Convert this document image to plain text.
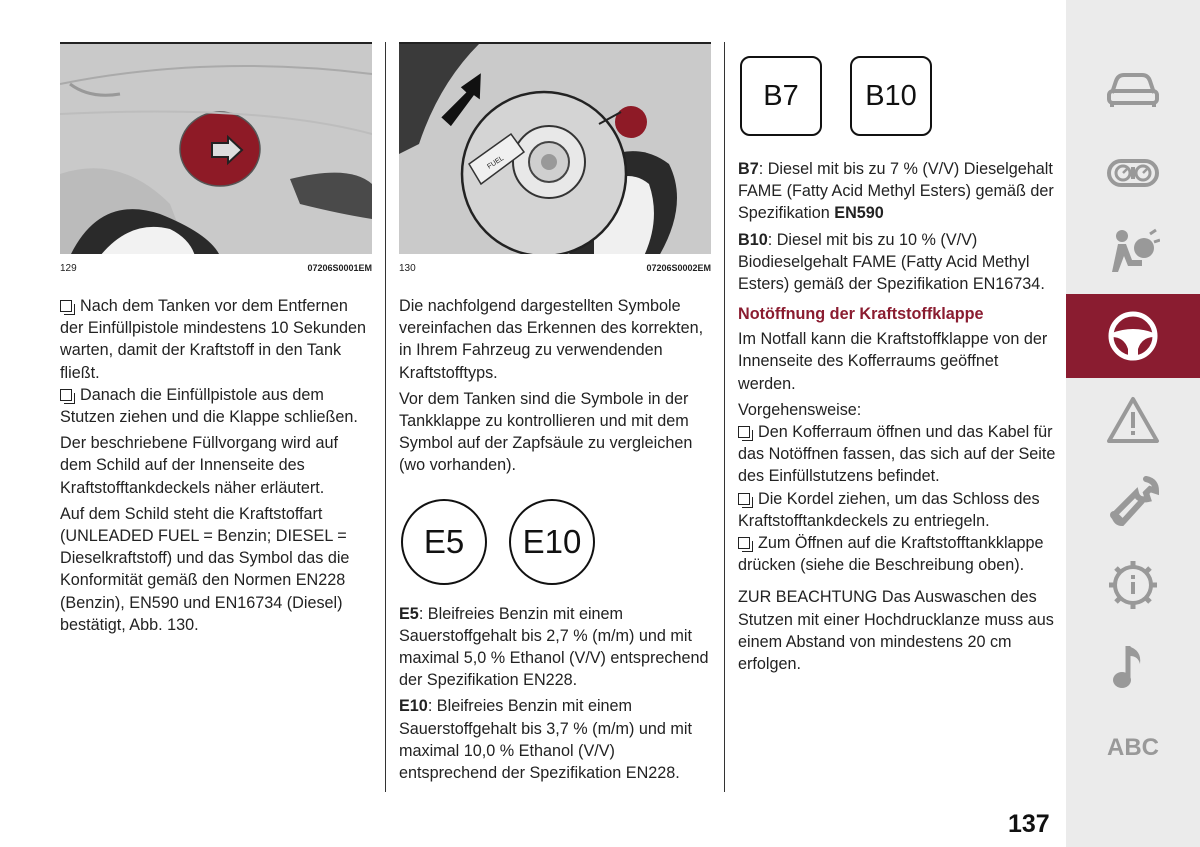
129	07206S0001EM

Nach dem Tanken vor dem Entfernen der Einfüllpistole mindestens 10 Sekunden warten, damit der Kraftstoff in den Tank fließt.
Danach die Einfüllpistole aus dem Stutzen ziehen und die Klappe schließen.

Der beschriebene Füllvorgang wird auf dem Schild auf der Innenseite des Kraftstofftankdeckels näher erläutert.

Auf dem Schild steht die Kraftstoffart (UNLEADED FUEL = Benzin; DIESEL = Dieselkraftstoff) und das Symbol das die Konformität gemäß den Normen EN228 (Benzin), EN590 und EN16734 (Diesel) bestätigt, Abb. 130.

FUEL
130	07206S0002EM

Die nachfolgend dargestellten Symbole vereinfachen das Erkennen des korrekten, in Ihrem Fahrzeug zu verwendenden Kraftstofftyps.

Vor dem Tanken sind die Symbole in der Tankklappe zu kontrollieren und mit dem Symbol auf der Zapfsäule zu vergleichen (wo vorhanden).

E5	E10

E5: Bleifreies Benzin mit einem Sauerstoffgehalt bis 2,7 % (m/m) und mit maximal 5,0 % Ethanol (V/V) entsprechend der Spezifikation EN228.

E10: Bleifreies Benzin mit einem Sauerstoffgehalt bis 3,7 % (m/m) und mit maximal 10,0 % Ethanol (V/V) entsprechend der Spezifikation EN228.

B7	B10

B7: Diesel mit bis zu 7 % (V/V) Dieselgehalt FAME (Fatty Acid Methyl Esters) gemäß der Spezifikation EN590

B10: Diesel mit bis zu 10 % (V/V) Biodieselgehalt FAME (Fatty Acid Methyl Esters) gemäß der Spezifikation EN16734.

Notöffnung der Kraftstoffklappe

Im Notfall kann die Kraftstoffklappe von der Innenseite des Kofferraums geöffnet werden.

Vorgehensweise:
Den Kofferraum öffnen und das Kabel für das Notöffnen fassen, das sich auf der Seite des Einfüllstutzens befindet.
Die Kordel ziehen, um das Schloss des Kraftstofftankdeckels zu entriegeln.
Zum Öffnen auf die Kraftstofftankklappe drücken (siehe die Beschreibung oben).

ZUR BEACHTUNG Das Auswaschen des Stutzen mit einer Hochdrucklanze muss aus einem Abstand von mindestens 20 cm erfolgen.

ABC
137
